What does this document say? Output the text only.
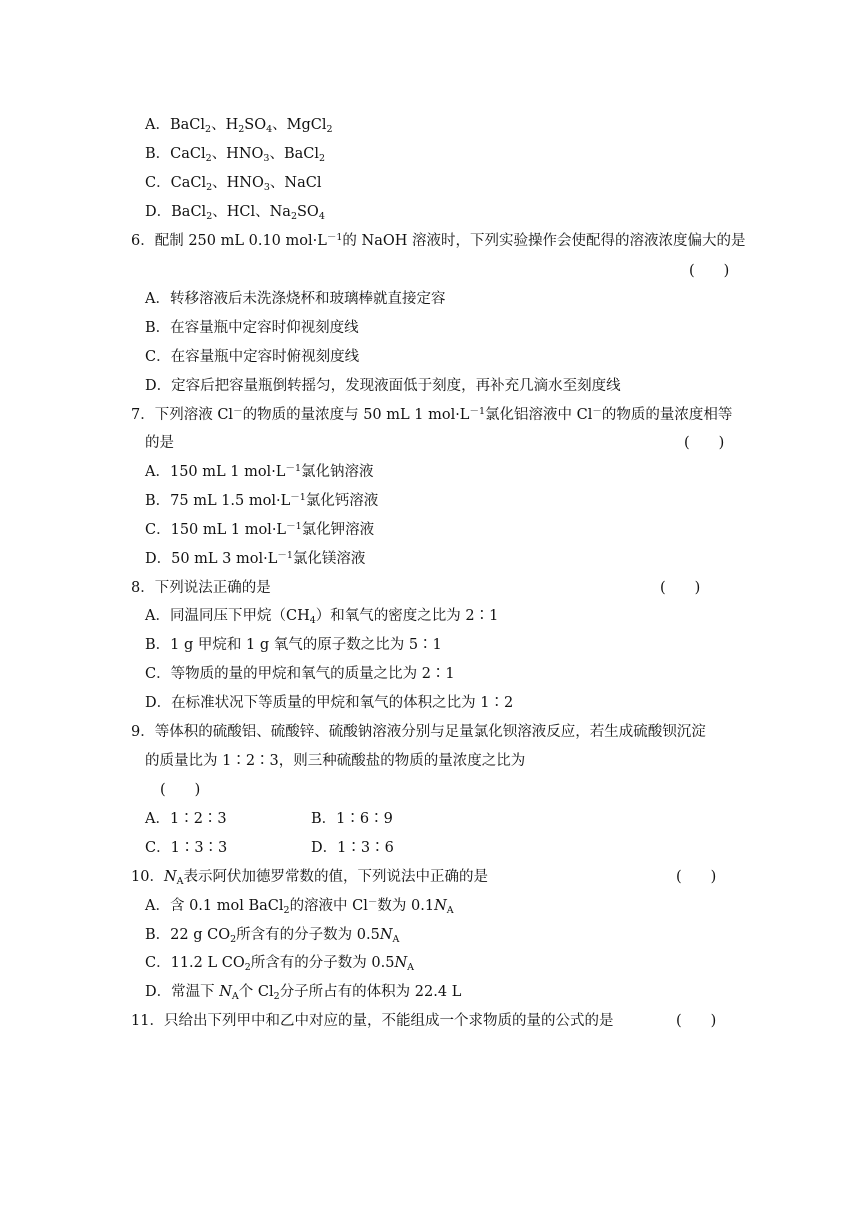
A．BaCl$_2$、$H_2SO_4$、MgCl$_2$
B．CaCl$_2$、$HNO_3$、BaCl$_2$
C．CaCl$_2$、$HNO_3$、NaCl
D．BaCl$_2$、HCl、$Na_2SO_4$
6．配制 250 mL 0.10 $mol\cdot L^{-1}$的 NaOH 溶液时，下列实验操作会使配得的溶液浓度偏大的是
(　　)
A．转移溶液后未洗涤烧杯和玻璃棒就直接定容
B．在容量瓶中定容时仰视刻度线
C．在容量瓶中定容时俯视刻度线
D．定容后把容量瓶倒转摇匀，发现液面低于刻度，再补充几滴水至刻度线
7．下列溶液 Cl－的物质的量浓度与 50 mL 1 $mol\cdot L^{-1}$氯化铝溶液中 Cl－的物质的量浓度相等
的是	(　　)
A．150 mL 1 $mol\cdot L^{-1}$氯化钠溶液
B．75 mL 1.5 $mol\cdot L^{-1}$氯化钙溶液
C．150 mL 1 $mol\cdot L^{-1}$氯化钾溶液
D．50 mL 3 $mol\cdot L^{-1}$氯化镁溶液
8．下列说法正确的是	(　　)
A．同温同压下甲烷$(CH_4)$和氧气的密度之比为 2∶1
B．1 g 甲烷和 1 g 氧气的原子数之比为 5∶1
C．等物质的量的甲烷和氧气的质量之比为 2∶1
D．在标准状况下等质量的甲烷和氧气的体积之比为 1∶2
9．等体积的硫酸铝、硫酸锌、硫酸钠溶液分别与足量氯化钡溶液反应，若生成硫酸钡沉淀
的质量比为 1∶2∶3，则三种硫酸盐的物质的量浓度之比为
(　　)
A．1∶2∶3	B．1∶6∶9
C．1∶3∶3	D．1∶3∶6
10．$N_A$表示阿伏加德罗常数的值，下列说法中正确的是	(　　)
A．含 0.1 mol BaCl$_2$的溶液中 Cl－数为 $0.1N_A$
B．22 g $CO_2$所含有的分子数为 $0.5N_A$
C．11.2 L $CO_2$所含有的分子数为 $0.5N_A$
D．常温下 $N_A$个 $Cl_2$分子所占有的体积为 22.4 L
11．只给出下列甲中和乙中对应的量，不能组成一个求物质的量的公式的是	(　　)
